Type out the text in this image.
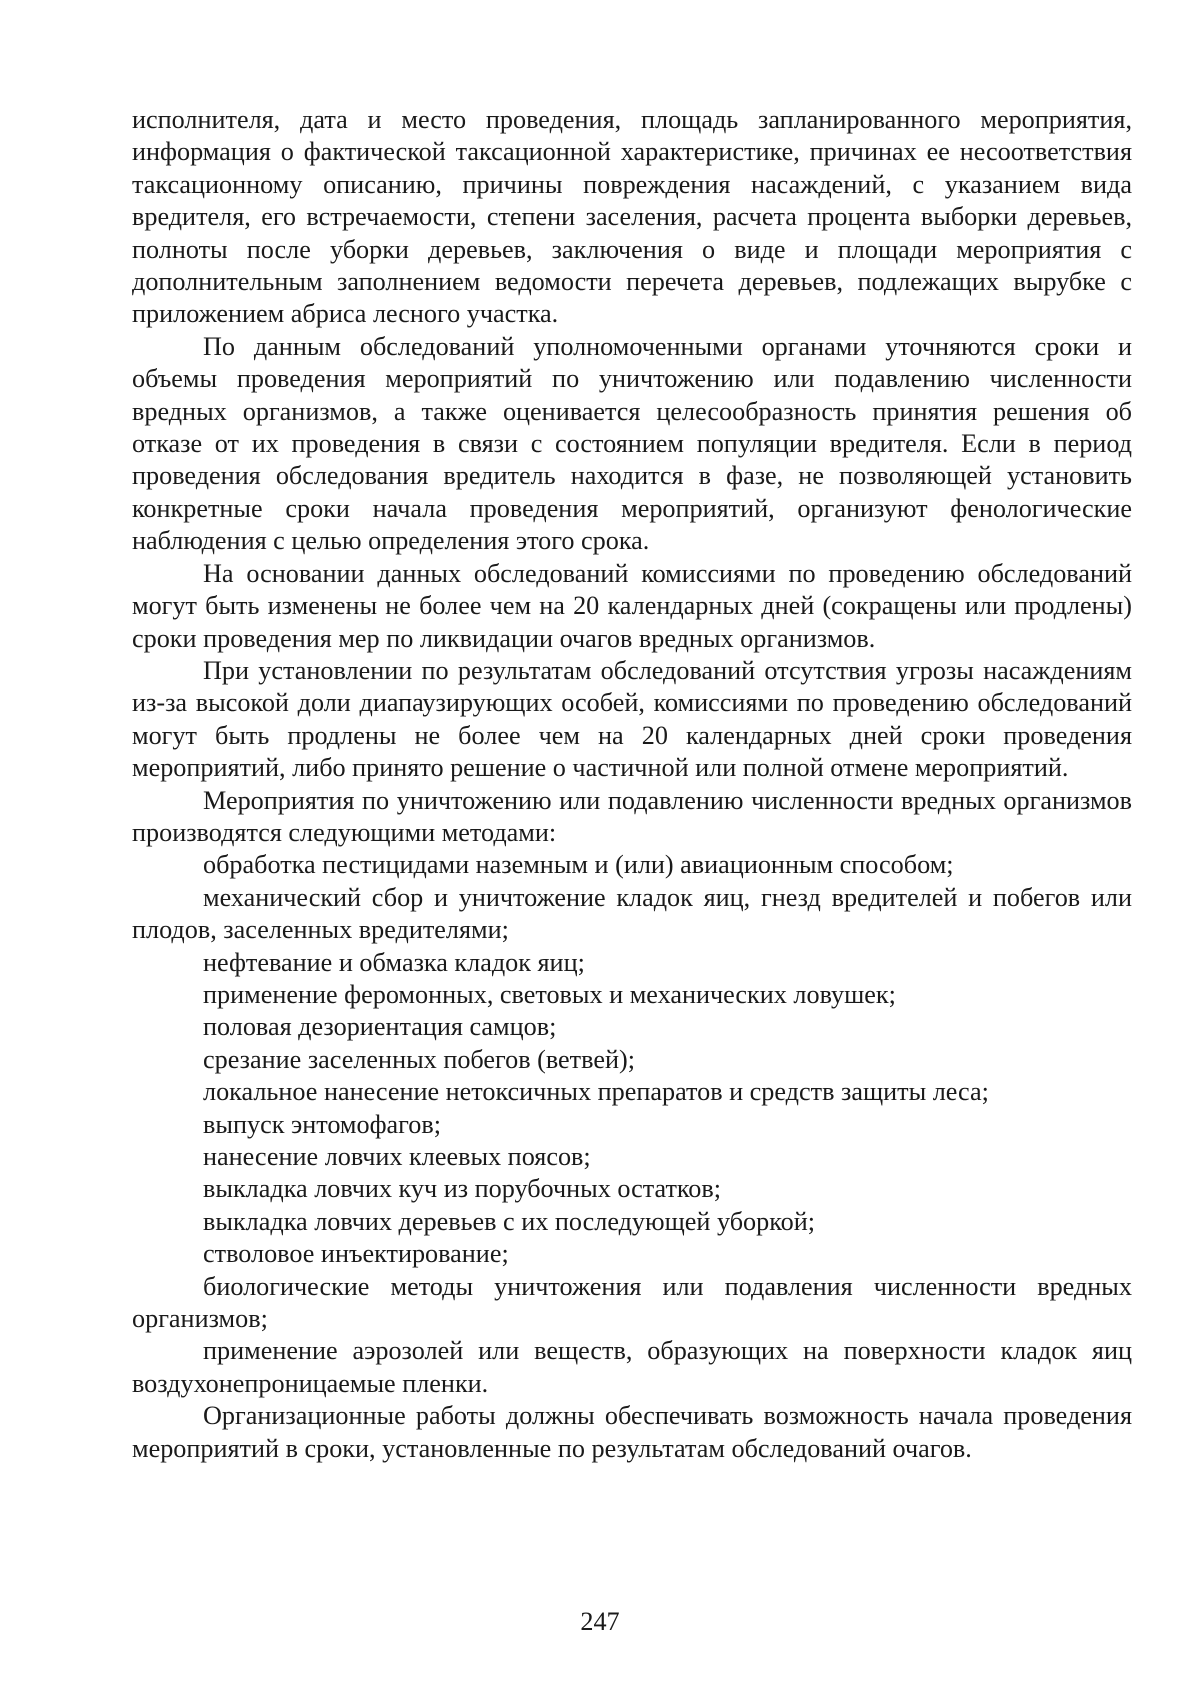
исполнителя, дата и место проведения, площадь запланированного мероприятия, информация о фактической таксационной характеристике, причинах ее несоответствия таксационному описанию, причины повреждения насаждений, с указанием вида вредителя, его встречаемости, степени заселения, расчета процента выборки деревьев, полноты после уборки деревьев, заключения о виде и площади мероприятия с дополнительным заполнением ведомости перечета деревьев, подлежащих вырубке с приложением абриса лесного участка.

По данным обследований уполномоченными органами уточняются сроки и объемы проведения мероприятий по уничтожению или подавлению численности вредных организмов, а также оценивается целесообразность принятия решения об отказе от их проведения в связи с состоянием популяции вредителя. Если в период проведения обследования вредитель находится в фазе, не позволяющей установить конкретные сроки начала проведения мероприятий, организуют фенологические наблюдения с целью определения этого срока.

На основании данных обследований комиссиями по проведению обследований могут быть изменены не более чем на 20 календарных дней (сокращены или продлены) сроки проведения мер по ликвидации очагов вредных организмов.

При установлении по результатам обследований отсутствия угрозы насаждениям из-за высокой доли диапаузирующих особей, комиссиями по проведению обследований могут быть продлены не более чем на 20 календарных дней сроки проведения мероприятий, либо принято решение о частичной или полной отмене мероприятий.

Мероприятия по уничтожению или подавлению численности вредных организмов производятся следующими методами:

обработка пестицидами наземным и (или) авиационным способом;

механический сбор и уничтожение кладок яиц, гнезд вредителей и побегов или плодов, заселенных вредителями;

нефтевание и обмазка кладок яиц;

применение феромонных, световых и механических ловушек;

половая дезориентация самцов;

срезание заселенных побегов (ветвей);

локальное нанесение нетоксичных препаратов и средств защиты леса;

выпуск энтомофагов;

нанесение ловчих клеевых поясов;

выкладка ловчих куч из порубочных остатков;

выкладка ловчих деревьев с их последующей уборкой;

стволовое инъектирование;

биологические методы уничтожения или подавления численности вредных организмов;

применение аэрозолей или веществ, образующих на поверхности кладок яиц воздухонепроницаемые пленки.

Организационные работы должны обеспечивать возможность начала проведения мероприятий в сроки, установленные по результатам обследований очагов.

247
